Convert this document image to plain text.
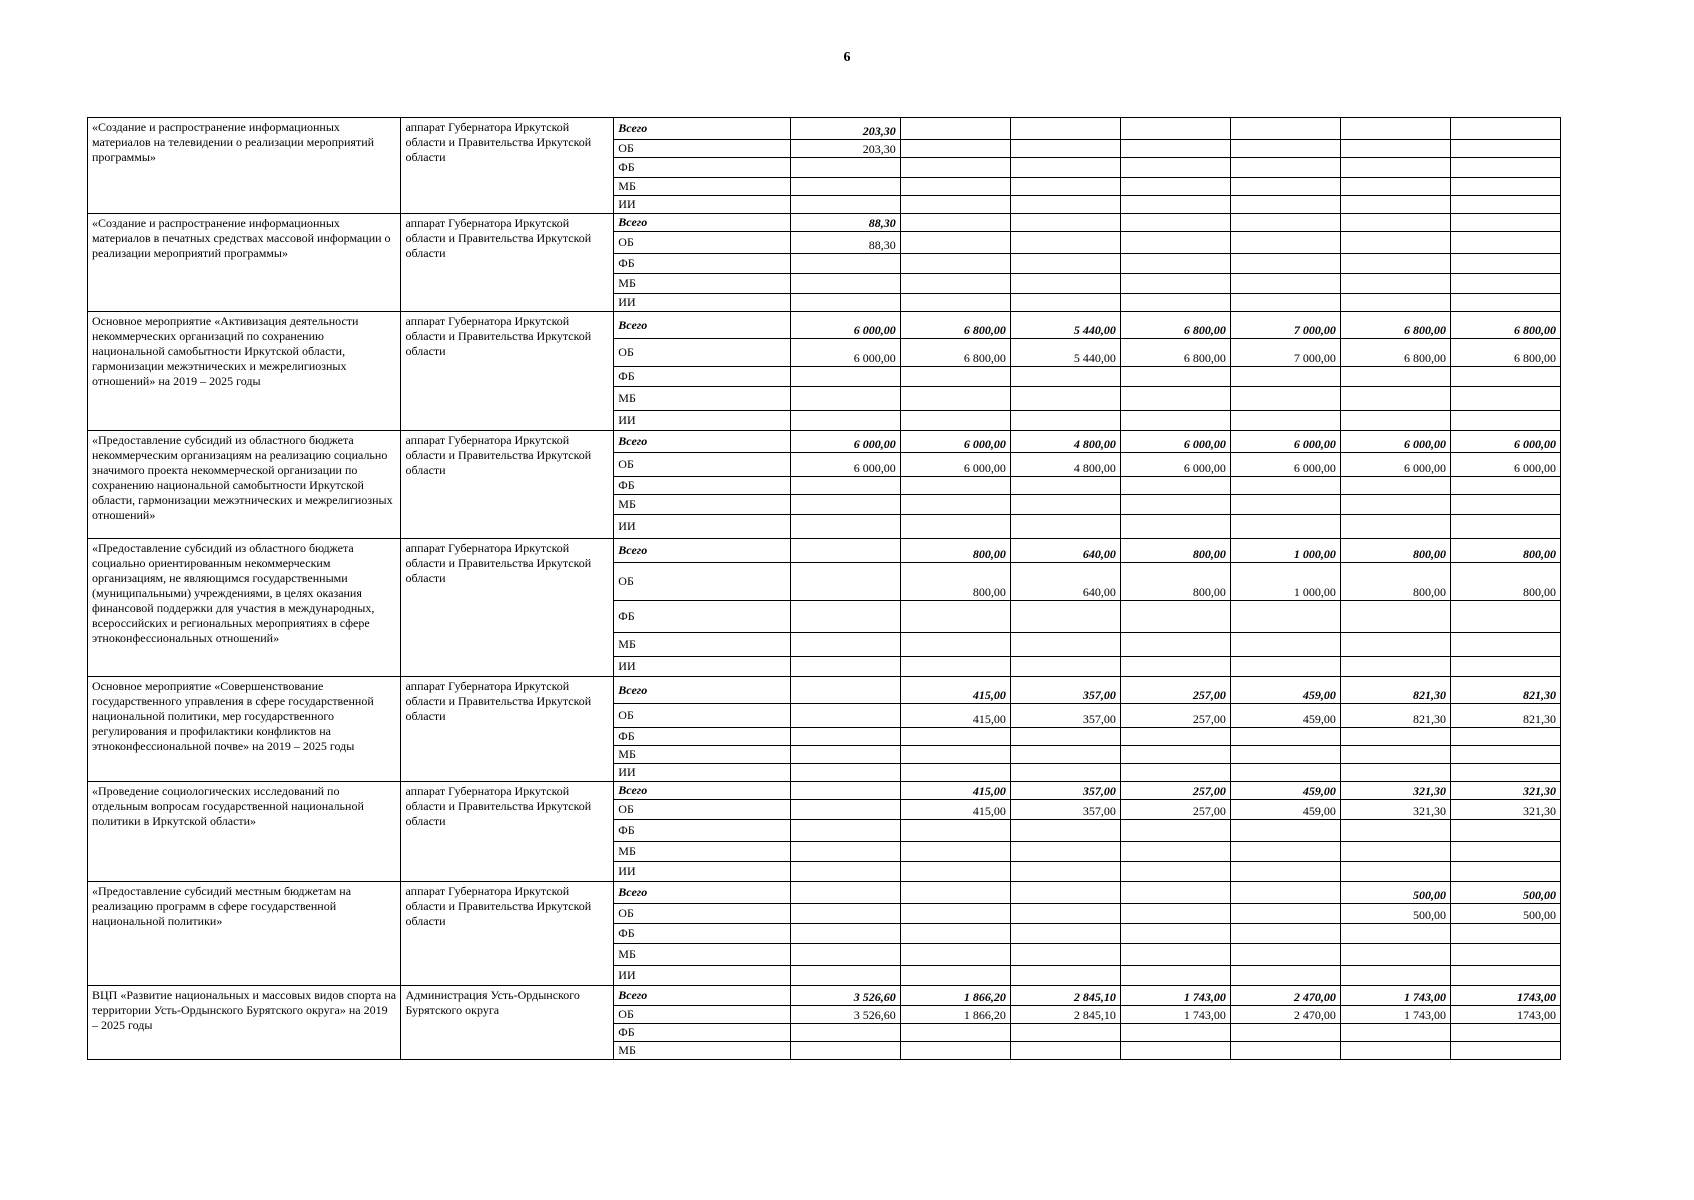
6
«Создание и распространение информационных материалов на телевидении о реализации мероприятий программы»	аппарат Губернатора Иркутской области и Правительства Иркутской области	Всего	203,30						
		ОБ	203,30						
		ФБ							
		МБ							
		ИИ							
«Создание и распространение информационных материалов в печатных средствах массовой информации о реализации мероприятий программы»	аппарат Губернатора Иркутской области и Правительства Иркутской области	Всего	88,30						
		ОБ	88,30						
		ФБ							
		МБ							
		ИИ							
Основное мероприятие «Активизация деятельности некоммерческих организаций по сохранению национальной самобытности Иркутской области, гармонизации межэтнических и межрелигиозных отношений» на 2019 – 2025 годы	аппарат Губернатора Иркутской области и Правительства Иркутской области	Всего	6 000,00	6 800,00	5 440,00	6 800,00	7 000,00	6 800,00	6 800,00
		ОБ	6 000,00	6 800,00	5 440,00	6 800,00	7 000,00	6 800,00	6 800,00
		ФБ							
		МБ							
		ИИ							
«Предоставление субсидий из областного бюджета некоммерческим организациям на реализацию социально значимого проекта некоммерческой организации по сохранению национальной самобытности Иркутской области, гармонизации межэтнических и межрелигиозных отношений»	аппарат Губернатора Иркутской области и Правительства Иркутской области	Всего	6 000,00	6 000,00	4 800,00	6 000,00	6 000,00	6 000,00	6 000,00
		ОБ	6 000,00	6 000,00	4 800,00	6 000,00	6 000,00	6 000,00	6 000,00
		ФБ							
		МБ							
		ИИ							
«Предоставление субсидий из областного бюджета социально ориентированным некоммерческим организациям, не являющимся государственными (муниципальными) учреждениями, в целях оказания финансовой поддержки для участия в международных, всероссийских и региональных мероприятиях в сфере этноконфессиональных отношений»	аппарат Губернатора Иркутской области и Правительства Иркутской области	Всего		800,00	640,00	800,00	1 000,00	800,00	800,00
		ОБ		800,00	640,00	800,00	1 000,00	800,00	800,00
		ФБ							
		МБ							
		ИИ							
Основное мероприятие «Совершенствование государственного управления в сфере государственной национальной политики, мер государственного регулирования и профилактики конфликтов на этноконфессиональной почве» на 2019 – 2025 годы	аппарат Губернатора Иркутской области и Правительства Иркутской области	Всего		415,00	357,00	257,00	459,00	821,30	821,30
		ОБ		415,00	357,00	257,00	459,00	821,30	821,30
		ФБ							
		МБ							
		ИИ							
«Проведение социологических исследований по отдельным вопросам государственной национальной политики в Иркутской области»	аппарат Губернатора Иркутской области и Правительства Иркутской области	Всего		415,00	357,00	257,00	459,00	321,30	321,30
		ОБ		415,00	357,00	257,00	459,00	321,30	321,30
		ФБ							
		МБ							
		ИИ							
«Предоставление субсидий местным бюджетам на реализацию программ в сфере государственной национальной политики»	аппарат Губернатора Иркутской области и Правительства Иркутской области	Всего						500,00	500,00
		ОБ						500,00	500,00
		ФБ							
		МБ							
		ИИ							
ВЦП «Развитие национальных и массовых видов спорта на территории Усть-Ордынского Бурятского округа» на 2019 – 2025 годы	Администрация Усть-Ордынского Бурятского округа	Всего	3 526,60	1 866,20	2 845,10	1 743,00	2 470,00	1 743,00	1743,00
		ОБ	3 526,60	1 866,20	2 845,10	1 743,00	2 470,00	1 743,00	1743,00
		ФБ							
		МБ							
